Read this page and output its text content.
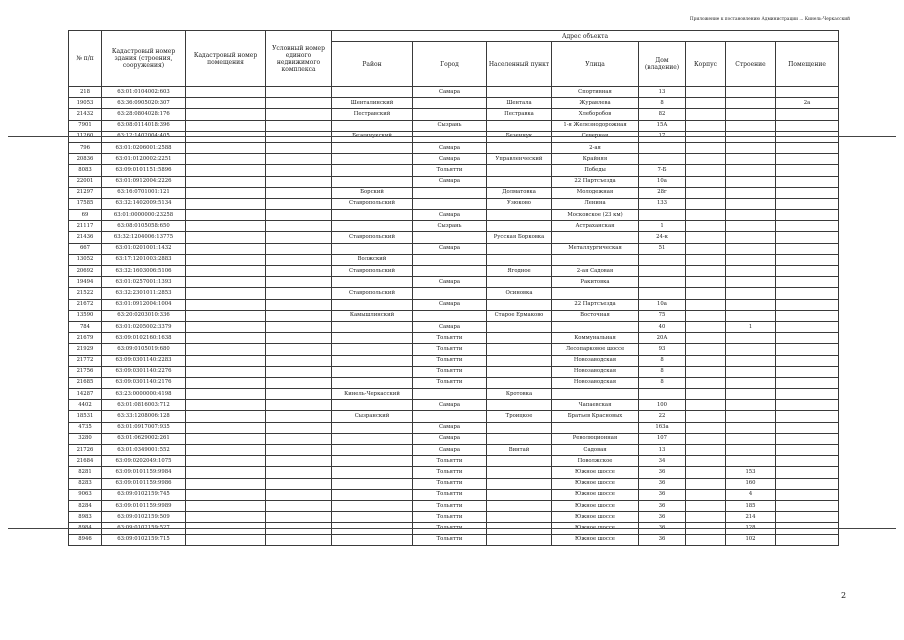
Приложение к постановлению Администрации ... Кинель-Черкасский
№ п/п	Кадастровый номер здания (строения, сооружения)	Кадастровый номер помещения	Условный номер единого недвижимого комплекса	Адрес объекта							
				Район	Город	Населенный пункт	Улица	Дом (владение)	Корпус	Строение	Помещение
218	63:01:0104002:603				Самара		Спортивная	13			
19053	63:36:0905020:307			Шенталинский		Шентала	Журавлева	8			2а
21432	63:28:0804028:176			Пестравский		Пестравка	Хлеборобов	82			
7901	63:08:0114018:396				Сызрань		1-я Железнодорожная	15А			
11260	63:12:1402004:405			Безенчукский		Безенчук	Северная	17			
796	63:01:0206001:2588				Самара		2-ая				
20836	63:01:0120002:2251				Самара	Управленческий	Крайняя				
8083	63:09:0101151:5896				Тольятти		Победы	7-Б			
22001	63:01:0912004:2226				Самара		22 Партсъезда	10а			
21297	63:16:0701001:121			Борский		Долматовка	Молодежная	28г			
17585	63:32:1402009:5134			Ставропольский		Узюково	Ленина	133			
69	63:01:0000000:23258				Самара		Московское (23 км)				
21117	63:08:0105058:650				Сызрань		Астраханская	1			
21436	63:32:1204006:13775			Ставропольский		Русская Борковка		24-к			
667	63:01:0201001:1432				Самара		Металлургическая	51			
13052	63:17:1201003:2883			Волжский							
20692	63:32:1603006:5106			Ставропольский		Ягодное	2-ая Садовая				
19494	63:01:0257001:1393				Самара		Ракитовка				
21522	63:32:2301011:2853			Ставропольский		Осиновка					
21672	63:01:0912004:1004				Самара		22 Партсъезда	10а			
13590	63:20:0203010:336			Камышлинский		Старое Ермаково	Восточная	75			
784	63:01:0205002:3379				Самара			40		1	
21679	63:09:0102160:1638				Тольятти		Коммунальная	20А			
21929	63:09:0105019:680				Тольятти		Лесопарковое шоссе	93			
21772	63:09:0301140:2283				Тольятти		Новозаводская	8			
21756	63:09:0301140:2276				Тольятти		Новозаводская	8			
21685	63:09:0301140:2176				Тольятти		Новозаводская	8			
14287	63:23:0000000:4198			Кинель-Черкасский		Кротовка					
4402	63:01:0816003:712				Самара		Чапаевская	100			
18531	63:33:1208006:128			Сызранский		Троицкое	Братьев Красновых	22			
4735	63:01:0917007:935				Самара			163а			
3280	63:01:0629002:261				Самара		Революционная	107			
21726	63:01:0349001:552				Самара	Винтай	Садовая	13			
21684	63:09:0202049:1075				Тольятти		Поволжское	34			
8281	63:09:0101159:9984				Тольятти		Южное шоссе	36		153	
8283	63:09:0101159:9986				Тольятти		Южное шоссе	36		160	
9063	63:09:0102159:745				Тольятти		Южное шоссе	36		4	
8284	63:09:0101159:9989				Тольятти		Южное шоссе	36		185	
8983	63:09:0102159:509				Тольятти		Южное шоссе	36		214	
8984	63:09:0102159:527				Тольятти		Южное шоссе	36		128	
8946	63:09:0102159:715				Тольятти		Южное шоссе	36		102	
2
